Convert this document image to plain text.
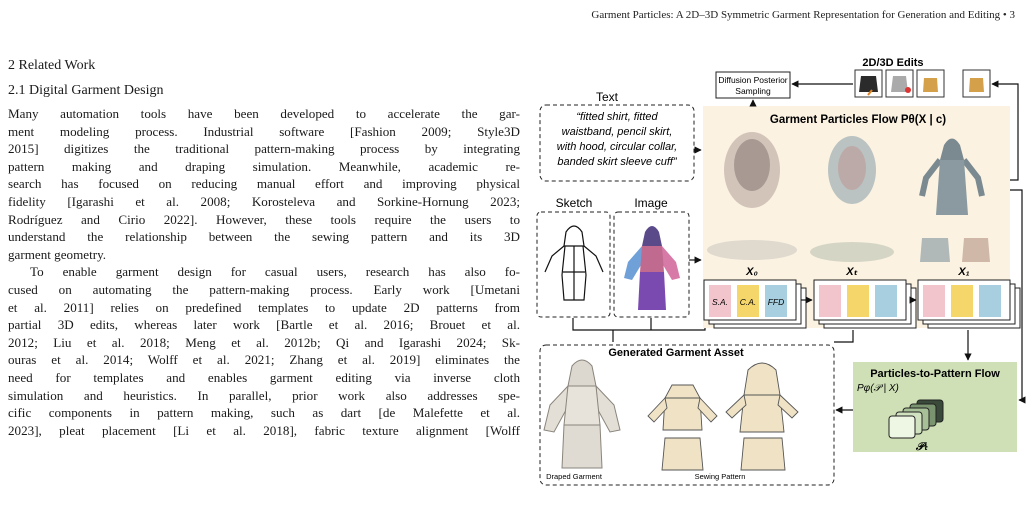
Garment Particles: A 2D–3D Symmetric Garment Representation for Generation and Editing • 3
2 Related Work
2.1 Digital Garment Design
Many automation tools have been developed to accelerate the gar-
ment modeling process. Industrial software [Fashion 2009; Style3D
2015] digitizes the traditional pattern-making process by integrating
pattern making and draping simulation. Meanwhile, academic re-
search has focused on reducing manual effort and improving physical
fidelity [Igarashi et al. 2008; Korosteleva and Sorkine-Hornung 2023;
Rodríguez and Cirio 2022]. However, these tools require the users to
understand the relationship between the sewing pattern and its 3D
garment geometry.
To enable garment design for casual users, research has also fo-
cused on automating the pattern-making process. Early work [Umetani
et al. 2011] relies on predefined templates to update 2D patterns from
partial 3D edits, whereas later work [Bartle et al. 2016; Brouet et al.
2012; Liu et al. 2018; Meng et al. 2012b; Qi and Igarashi 2024; Sk-
ouras et al. 2014; Wolff et al. 2021; Zhang et al. 2019] eliminates the
need for templates and enables garment editing via inverse cloth
simulation and heuristics. In parallel, prior work also addresses spe-
cific components in pattern making, such as dart [de Malefette et al.
2023], pleat placement [Li et al. 2018], fabric texture alignment [Wolff
Text
“fitted shirt, fitted
waistband, pencil skirt,
with hood, circular collar,
banded skirt sleeve cuff”
Sketch	Image
Diffusion Posterior
Sampling
2D/3D Edits
Garment Particles Flow Pθ(X | c)
X₀	Xₜ	X₁
S.A. C.A. FFD
Generated Garment Asset
Draped Garment	Sewing Pattern
Particles-to-Pattern Flow
Pφ(𝒫 | X)
𝒫ₜ
